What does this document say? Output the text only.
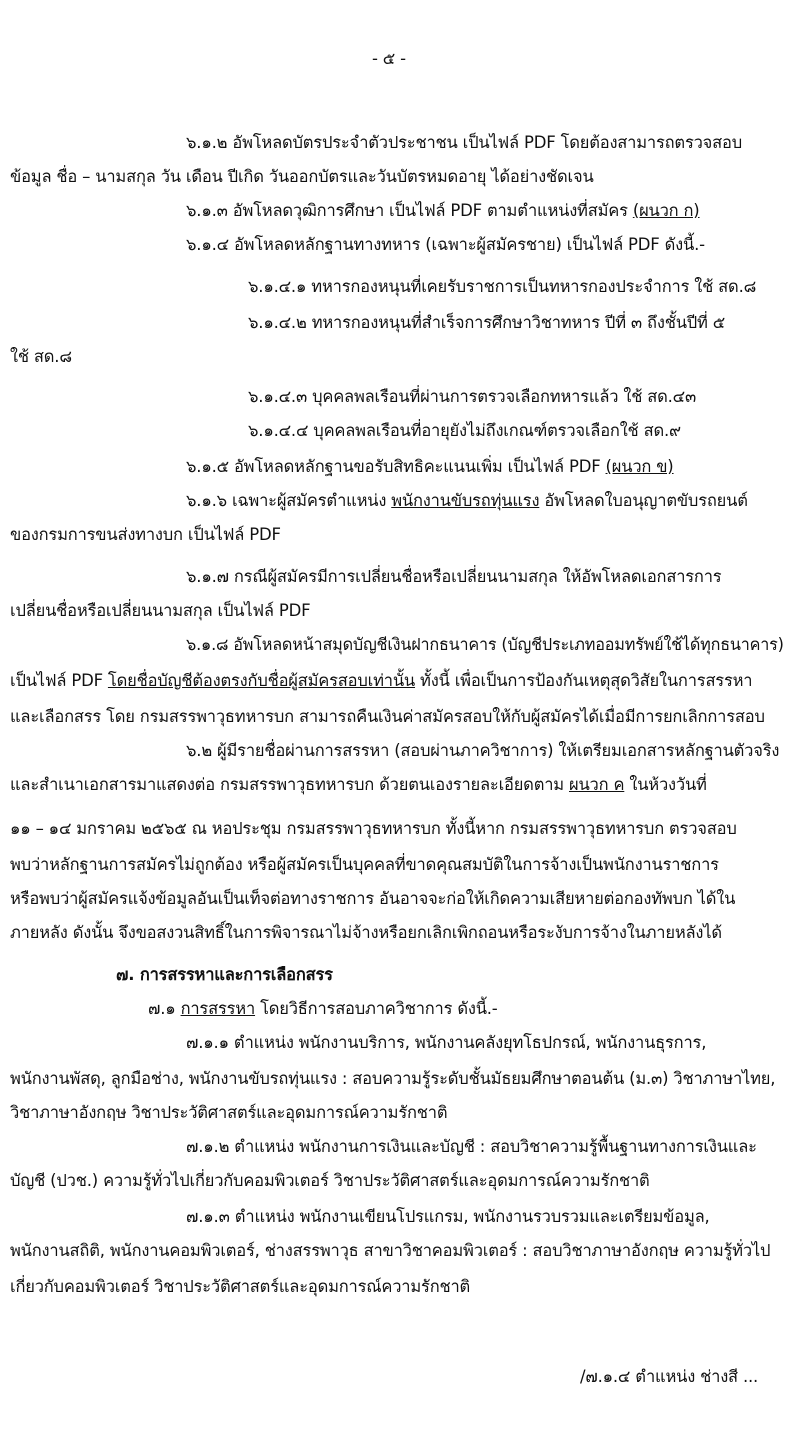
- ๕ -
๖.๑.๒ อัพโหลดบัตรประจำตัวประชาชน เป็นไฟล์ PDF โดยต้องสามารถตรวจสอบ
ข้อมูล ชื่อ – นามสกุล วัน เดือน ปีเกิด วันออกบัตรและวันบัตรหมดอายุ ได้อย่างชัดเจน
๖.๑.๓ อัพโหลดวุฒิการศึกษา เป็นไฟล์ PDF ตามตำแหน่งที่สมัคร (ผนวก ก)
๖.๑.๔ อัพโหลดหลักฐานทางทหาร (เฉพาะผู้สมัครชาย) เป็นไฟล์ PDF ดังนี้.-
๖.๑.๔.๑ ทหารกองหนุนที่เคยรับราชการเป็นทหารกองประจำการ ใช้ สด.๘
๖.๑.๔.๒ ทหารกองหนุนที่สำเร็จการศึกษาวิชาทหาร ปีที่ ๓ ถึงชั้นปีที่ ๕
ใช้ สด.๘
๖.๑.๔.๓ บุคคลพลเรือนที่ผ่านการตรวจเลือกทหารแล้ว ใช้ สด.๔๓
๖.๑.๔.๔ บุคคลพลเรือนที่อายุยังไม่ถึงเกณฑ์ตรวจเลือกใช้ สด.๙
๖.๑.๕ อัพโหลดหลักฐานขอรับสิทธิคะแนนเพิ่ม เป็นไฟล์ PDF (ผนวก ข)
๖.๑.๖ เฉพาะผู้สมัครตำแหน่ง พนักงานขับรถทุ่นแรง อัพโหลดใบอนุญาตขับรถยนต์
ของกรมการขนส่งทางบก เป็นไฟล์ PDF
๖.๑.๗ กรณีผู้สมัครมีการเปลี่ยนชื่อหรือเปลี่ยนนามสกุล ให้อัพโหลดเอกสารการ
เปลี่ยนชื่อหรือเปลี่ยนนามสกุล เป็นไฟล์ PDF
๖.๑.๘ อัพโหลดหน้าสมุดบัญชีเงินฝากธนาคาร (บัญชีประเภทออมทรัพย์ใช้ได้ทุกธนาคาร)
เป็นไฟล์ PDF โดยชื่อบัญชีต้องตรงกับชื่อผู้สมัครสอบเท่านั้น ทั้งนี้ เพื่อเป็นการป้องกันเหตุสุดวิสัยในการสรรหา
และเลือกสรร โดย กรมสรรพาวุธทหารบก สามารถคืนเงินค่าสมัครสอบให้กับผู้สมัครได้เมื่อมีการยกเลิกการสอบ
๖.๒ ผู้มีรายชื่อผ่านการสรรหา (สอบผ่านภาควิชาการ) ให้เตรียมเอกสารหลักฐานตัวจริง
และสำเนาเอกสารมาแสดงต่อ กรมสรรพาวุธทหารบก ด้วยตนเองรายละเอียดตาม ผนวก ค ในห้วงวันที่
๑๑ – ๑๔ มกราคม ๒๕๖๕ ณ หอประชุม กรมสรรพาวุธทหารบก ทั้งนี้หาก กรมสรรพาวุธทหารบก ตรวจสอบ
พบว่าหลักฐานการสมัครไม่ถูกต้อง หรือผู้สมัครเป็นบุคคลที่ขาดคุณสมบัติในการจ้างเป็นพนักงานราชการ
หรือพบว่าผู้สมัครแจ้งข้อมูลอันเป็นเท็จต่อทางราชการ อันอาจจะก่อให้เกิดความเสียหายต่อกองทัพบก ได้ใน
ภายหลัง ดังนั้น จึงขอสงวนสิทธิ์ในการพิจารณาไม่จ้างหรือยกเลิกเพิกถอนหรือระงับการจ้างในภายหลังได้
๗. การสรรหาและการเลือกสรร
๗.๑ การสรรหา โดยวิธีการสอบภาควิชาการ ดังนี้.-
๗.๑.๑ ตำแหน่ง พนักงานบริการ, พนักงานคลังยุทโธปกรณ์, พนักงานธุรการ,
พนักงานพัสดุ, ลูกมือช่าง, พนักงานขับรถทุ่นแรง : สอบความรู้ระดับชั้นมัธยมศึกษาตอนต้น (ม.๓) วิชาภาษาไทย,
วิชาภาษาอังกฤษ วิชาประวัติศาสตร์และอุดมการณ์ความรักชาติ
๗.๑.๒ ตำแหน่ง พนักงานการเงินและบัญชี : สอบวิชาความรู้พื้นฐานทางการเงินและ
บัญชี (ปวช.) ความรู้ทั่วไปเกี่ยวกับคอมพิวเตอร์ วิชาประวัติศาสตร์และอุดมการณ์ความรักชาติ
๗.๑.๓ ตำแหน่ง พนักงานเขียนโปรแกรม, พนักงานรวบรวมและเตรียมข้อมูล,
พนักงานสถิติ, พนักงานคอมพิวเตอร์, ช่างสรรพาวุธ สาขาวิชาคอมพิวเตอร์ : สอบวิชาภาษาอังกฤษ ความรู้ทั่วไป
เกี่ยวกับคอมพิวเตอร์ วิชาประวัติศาสตร์และอุดมการณ์ความรักชาติ
/๗.๑.๔ ตำแหน่ง ช่างสี ...
